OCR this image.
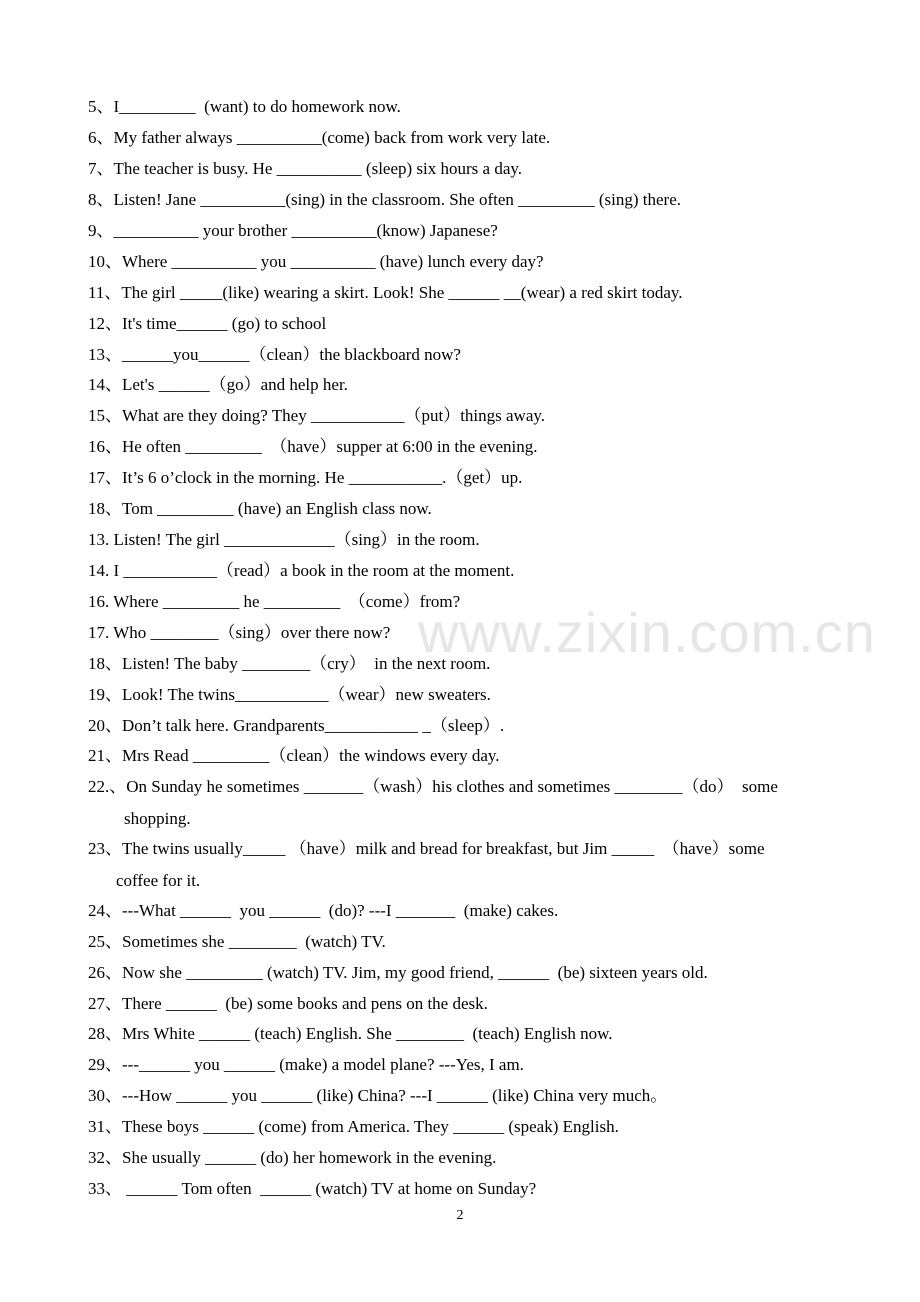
www.zixin.com.cn
5、I_________  (want) to do homework now.
6、My father always __________(come) back from work very late.
7、The teacher is busy. He __________ (sleep) six hours a day.
8、Listen! Jane __________(sing) in the classroom. She often _________ (sing) there.
9、__________ your brother __________(know) Japanese?
10、Where __________ you __________ (have) lunch every day?
11、The girl _____(like) wearing a skirt. Look! She ______ __(wear) a red skirt today.
12、It's time______ (go) to school
13、______you______（clean）the blackboard now?
14、Let's ______（go）and help her.
15、What are they doing? They ___________（put）things away.
16、He often _________  （have）supper at 6:00 in the evening.
17、It’s 6 o’clock in the morning. He ___________.（get）up.
18、Tom _________ (have) an English class now.
13. Listen! The girl _____________（sing）in the room.
14. I ___________（read）a book in the room at the moment.
16. Where _________ he _________  （come）from?
17. Who ________（sing）over there now?
18、Listen! The baby ________（cry）  in the next room.
19、Look! The twins___________（wear）new sweaters.
20、Don’t talk here. Grandparents___________ _（sleep）.
21、Mrs Read _________（clean）the windows every day.
22.、On Sunday he sometimes _______（wash）his clothes and sometimes ________（do）  some
shopping.
23、The twins usually_____ （have）milk and bread for breakfast, but Jim _____  （have）some
coffee for it.
24、---What ______  you ______  (do)? ---I _______  (make) cakes.
25、Sometimes she ________  (watch) TV.
26、Now she _________ (watch) TV. Jim, my good friend, ______  (be) sixteen years old.
27、There ______  (be) some books and pens on the desk.
28、Mrs White ______ (teach) English. She ________  (teach) English now.
29、---______ you ______ (make) a model plane? ---Yes, I am.
30、---How ______ you ______ (like) China? ---I ______ (like) China very much。
31、These boys ______ (come) from America. They ______ (speak) English.
32、She usually ______ (do) her homework in the evening.
33、 ______ Tom often  ______ (watch) TV at home on Sunday?
2
